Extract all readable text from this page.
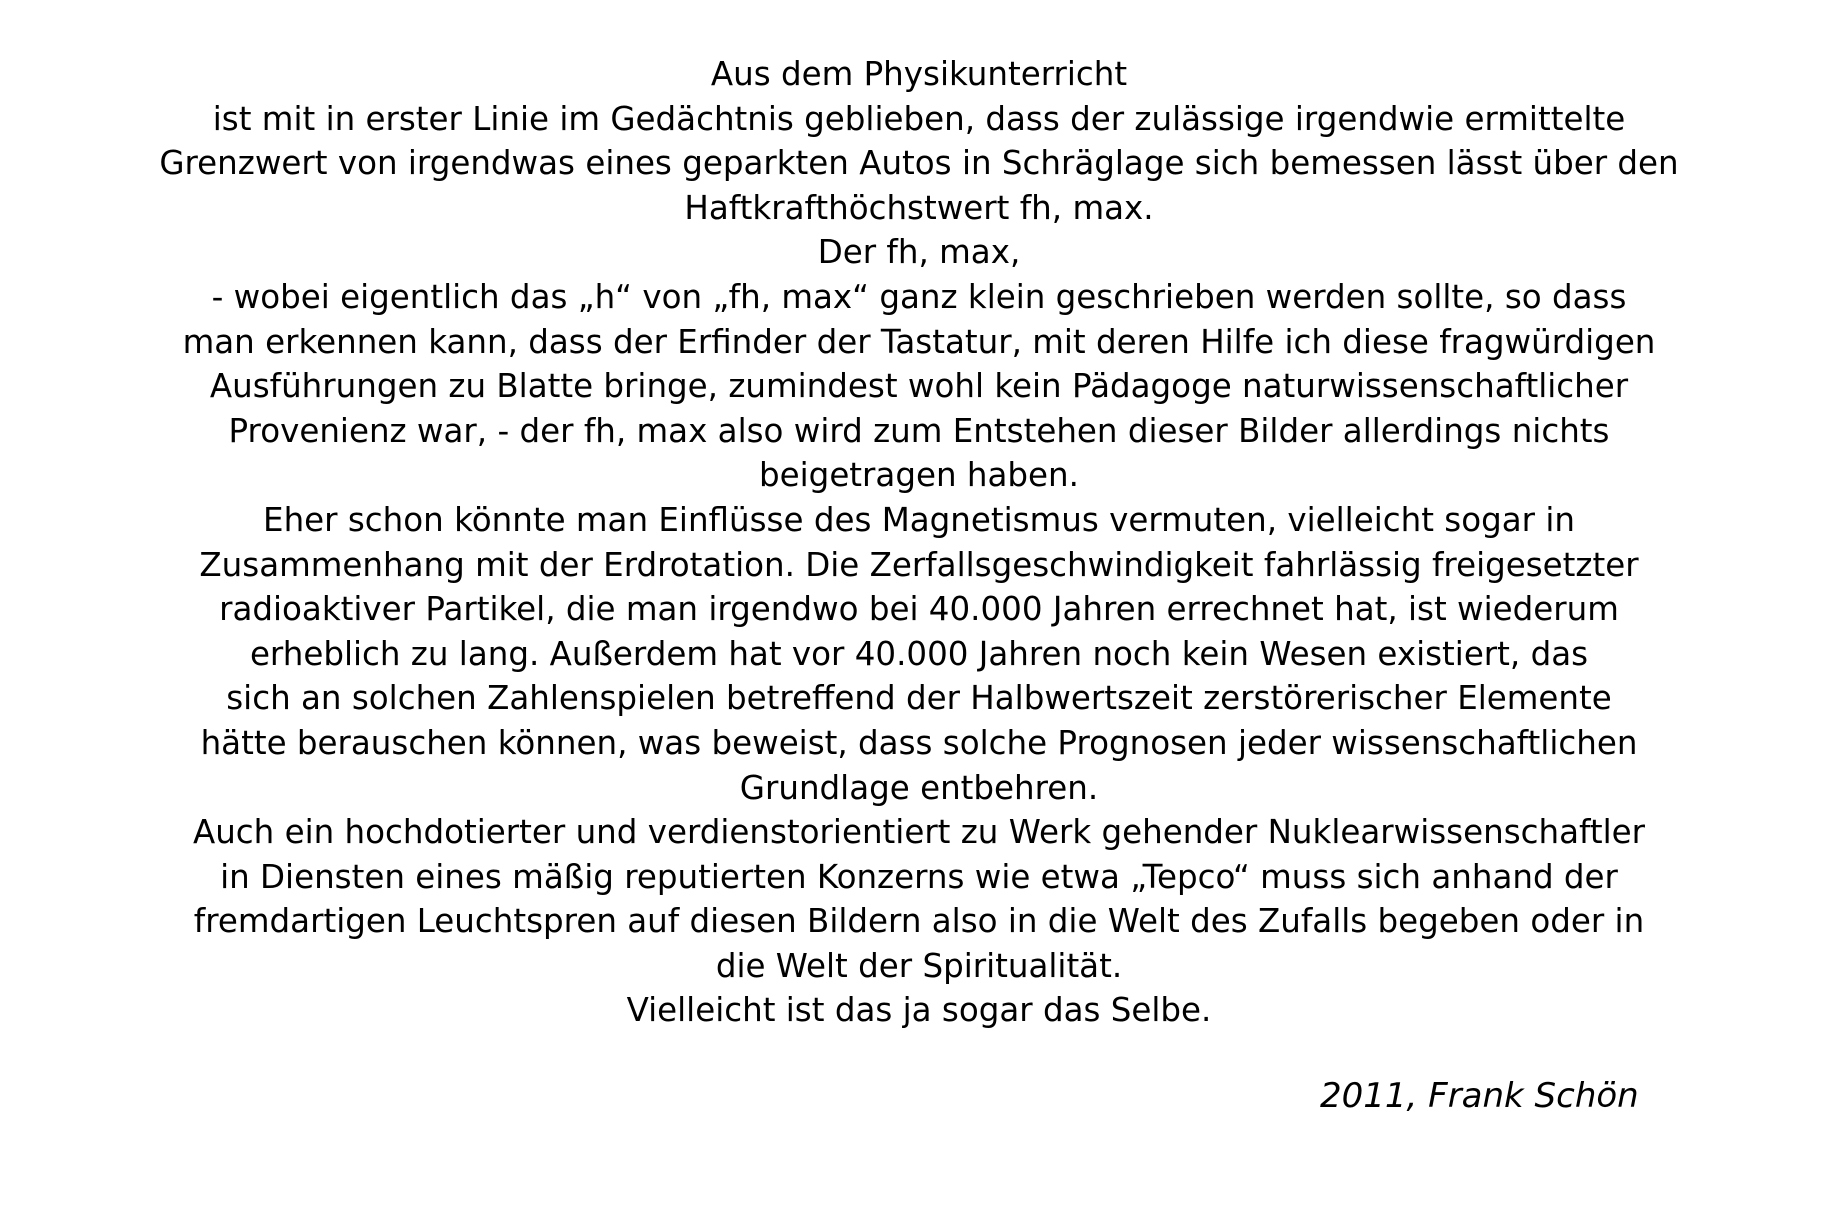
Aus dem Physikunterricht
ist mit in erster Linie im Gedächtnis geblieben, dass der zulässige irgendwie ermittelte
Grenzwert von irgendwas eines geparkten Autos in Schräglage sich bemessen lässt über den
Haftkrafthöchstwert fh, max.
Der fh, max,
- wobei eigentlich das „h“ von „fh, max“ ganz klein geschrieben werden sollte, so dass
man erkennen kann, dass der Erfinder der Tastatur, mit deren Hilfe ich diese fragwürdigen
Ausführungen zu Blatte bringe, zumindest wohl kein Pädagoge naturwissenschaftlicher
Provenienz war, - der fh, max also wird zum Entstehen dieser Bilder allerdings nichts
beigetragen haben.
Eher schon könnte man Einflüsse des Magnetismus vermuten, vielleicht sogar in
Zusammenhang mit der Erdrotation. Die Zerfallsgeschwindigkeit fahrlässig freigesetzter
radioaktiver Partikel, die man irgendwo bei 40.000 Jahren errechnet hat, ist wiederum
erheblich zu lang. Außerdem hat vor 40.000 Jahren noch kein Wesen existiert, das
sich an solchen Zahlenspielen betreffend der Halbwertszeit zerstörerischer Elemente
hätte berauschen können, was beweist, dass solche Prognosen jeder wissenschaftlichen
Grundlage entbehren.
Auch ein hochdotierter und verdienstorientiert zu Werk gehender Nuklearwissenschaftler
in Diensten eines mäßig reputierten Konzerns wie etwa „Tepco“ muss sich anhand der
fremdartigen Leuchtspren auf diesen Bildern also in die Welt des Zufalls begeben oder in
die Welt der Spiritualität.
Vielleicht ist das ja sogar das Selbe.
2011, Frank Schön
